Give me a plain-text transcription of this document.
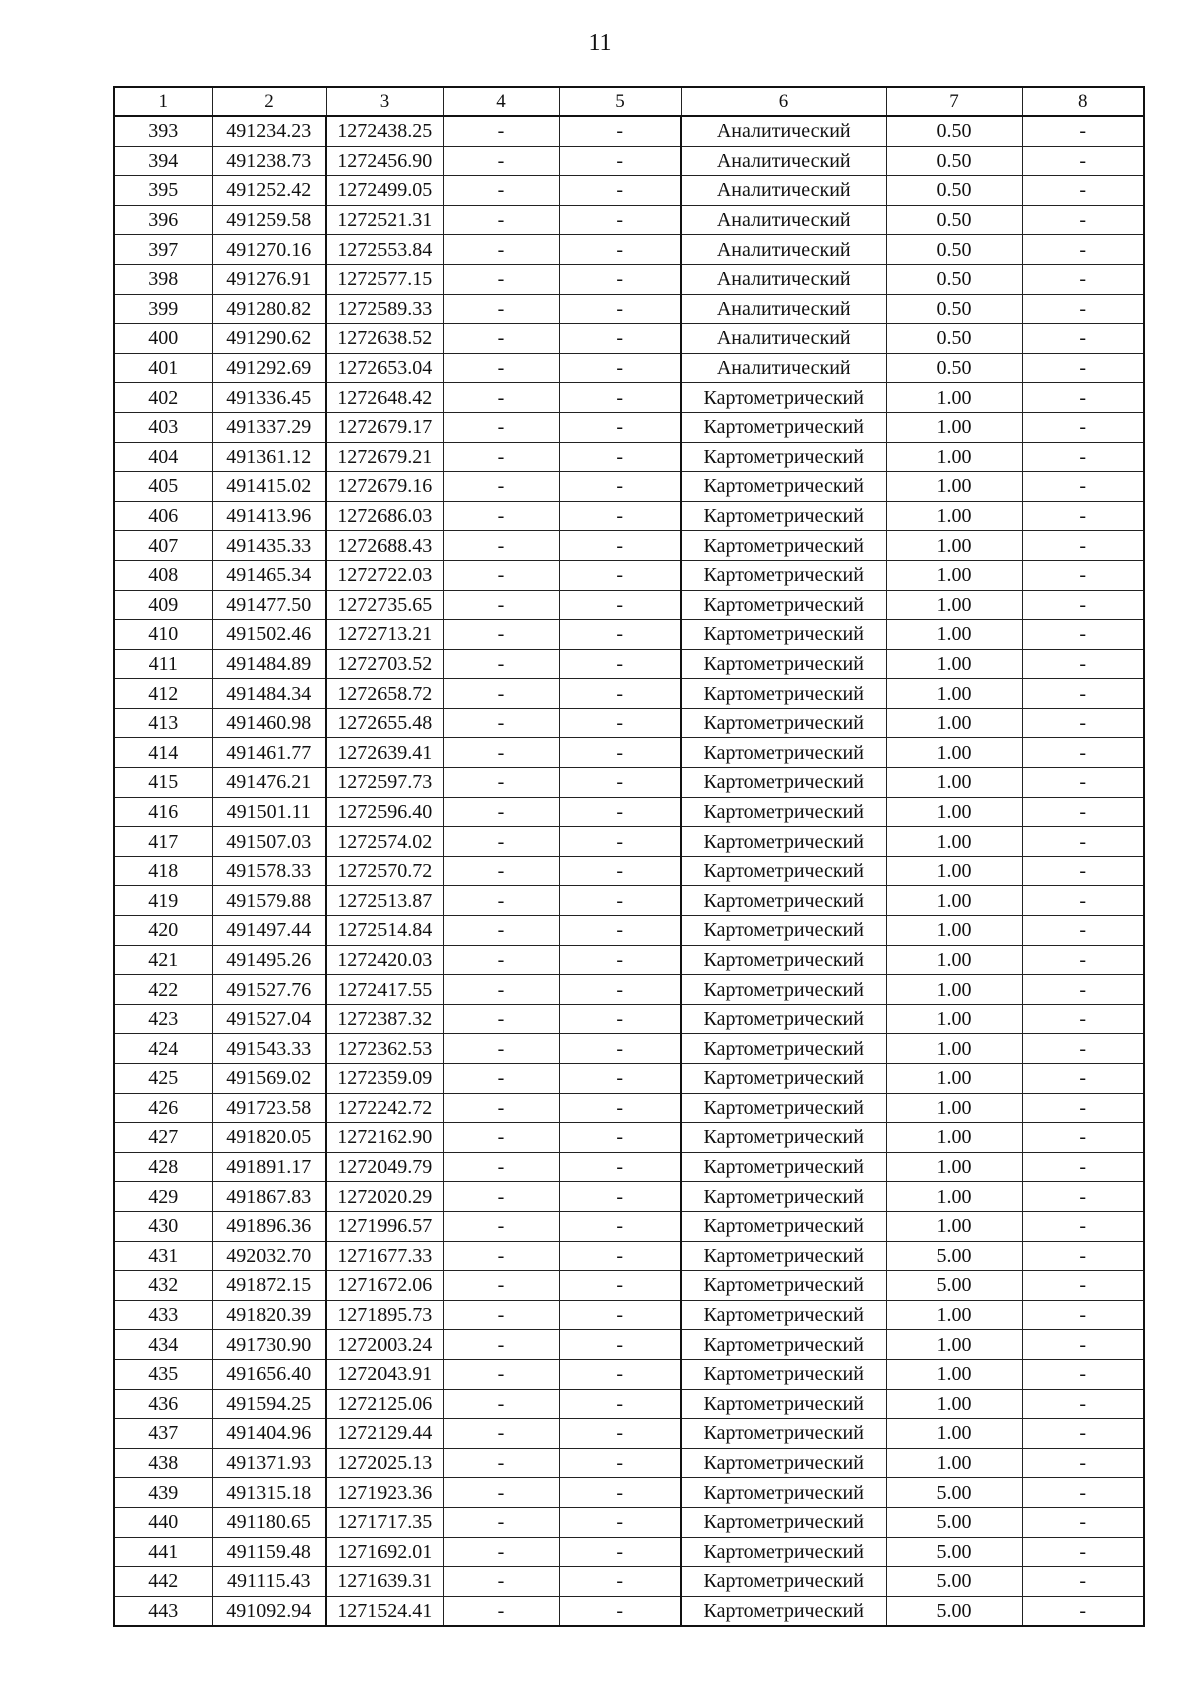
11
1	2	3	4	5	6	7	8
393	491234.23	1272438.25	-	-	Аналитический	0.50	-
394	491238.73	1272456.90	-	-	Аналитический	0.50	-
395	491252.42	1272499.05	-	-	Аналитический	0.50	-
396	491259.58	1272521.31	-	-	Аналитический	0.50	-
397	491270.16	1272553.84	-	-	Аналитический	0.50	-
398	491276.91	1272577.15	-	-	Аналитический	0.50	-
399	491280.82	1272589.33	-	-	Аналитический	0.50	-
400	491290.62	1272638.52	-	-	Аналитический	0.50	-
401	491292.69	1272653.04	-	-	Аналитический	0.50	-
402	491336.45	1272648.42	-	-	Картометрический	1.00	-
403	491337.29	1272679.17	-	-	Картометрический	1.00	-
404	491361.12	1272679.21	-	-	Картометрический	1.00	-
405	491415.02	1272679.16	-	-	Картометрический	1.00	-
406	491413.96	1272686.03	-	-	Картометрический	1.00	-
407	491435.33	1272688.43	-	-	Картометрический	1.00	-
408	491465.34	1272722.03	-	-	Картометрический	1.00	-
409	491477.50	1272735.65	-	-	Картометрический	1.00	-
410	491502.46	1272713.21	-	-	Картометрический	1.00	-
411	491484.89	1272703.52	-	-	Картометрический	1.00	-
412	491484.34	1272658.72	-	-	Картометрический	1.00	-
413	491460.98	1272655.48	-	-	Картометрический	1.00	-
414	491461.77	1272639.41	-	-	Картометрический	1.00	-
415	491476.21	1272597.73	-	-	Картометрический	1.00	-
416	491501.11	1272596.40	-	-	Картометрический	1.00	-
417	491507.03	1272574.02	-	-	Картометрический	1.00	-
418	491578.33	1272570.72	-	-	Картометрический	1.00	-
419	491579.88	1272513.87	-	-	Картометрический	1.00	-
420	491497.44	1272514.84	-	-	Картометрический	1.00	-
421	491495.26	1272420.03	-	-	Картометрический	1.00	-
422	491527.76	1272417.55	-	-	Картометрический	1.00	-
423	491527.04	1272387.32	-	-	Картометрический	1.00	-
424	491543.33	1272362.53	-	-	Картометрический	1.00	-
425	491569.02	1272359.09	-	-	Картометрический	1.00	-
426	491723.58	1272242.72	-	-	Картометрический	1.00	-
427	491820.05	1272162.90	-	-	Картометрический	1.00	-
428	491891.17	1272049.79	-	-	Картометрический	1.00	-
429	491867.83	1272020.29	-	-	Картометрический	1.00	-
430	491896.36	1271996.57	-	-	Картометрический	1.00	-
431	492032.70	1271677.33	-	-	Картометрический	5.00	-
432	491872.15	1271672.06	-	-	Картометрический	5.00	-
433	491820.39	1271895.73	-	-	Картометрический	1.00	-
434	491730.90	1272003.24	-	-	Картометрический	1.00	-
435	491656.40	1272043.91	-	-	Картометрический	1.00	-
436	491594.25	1272125.06	-	-	Картометрический	1.00	-
437	491404.96	1272129.44	-	-	Картометрический	1.00	-
438	491371.93	1272025.13	-	-	Картометрический	1.00	-
439	491315.18	1271923.36	-	-	Картометрический	5.00	-
440	491180.65	1271717.35	-	-	Картометрический	5.00	-
441	491159.48	1271692.01	-	-	Картометрический	5.00	-
442	491115.43	1271639.31	-	-	Картометрический	5.00	-
443	491092.94	1271524.41	-	-	Картометрический	5.00	-
